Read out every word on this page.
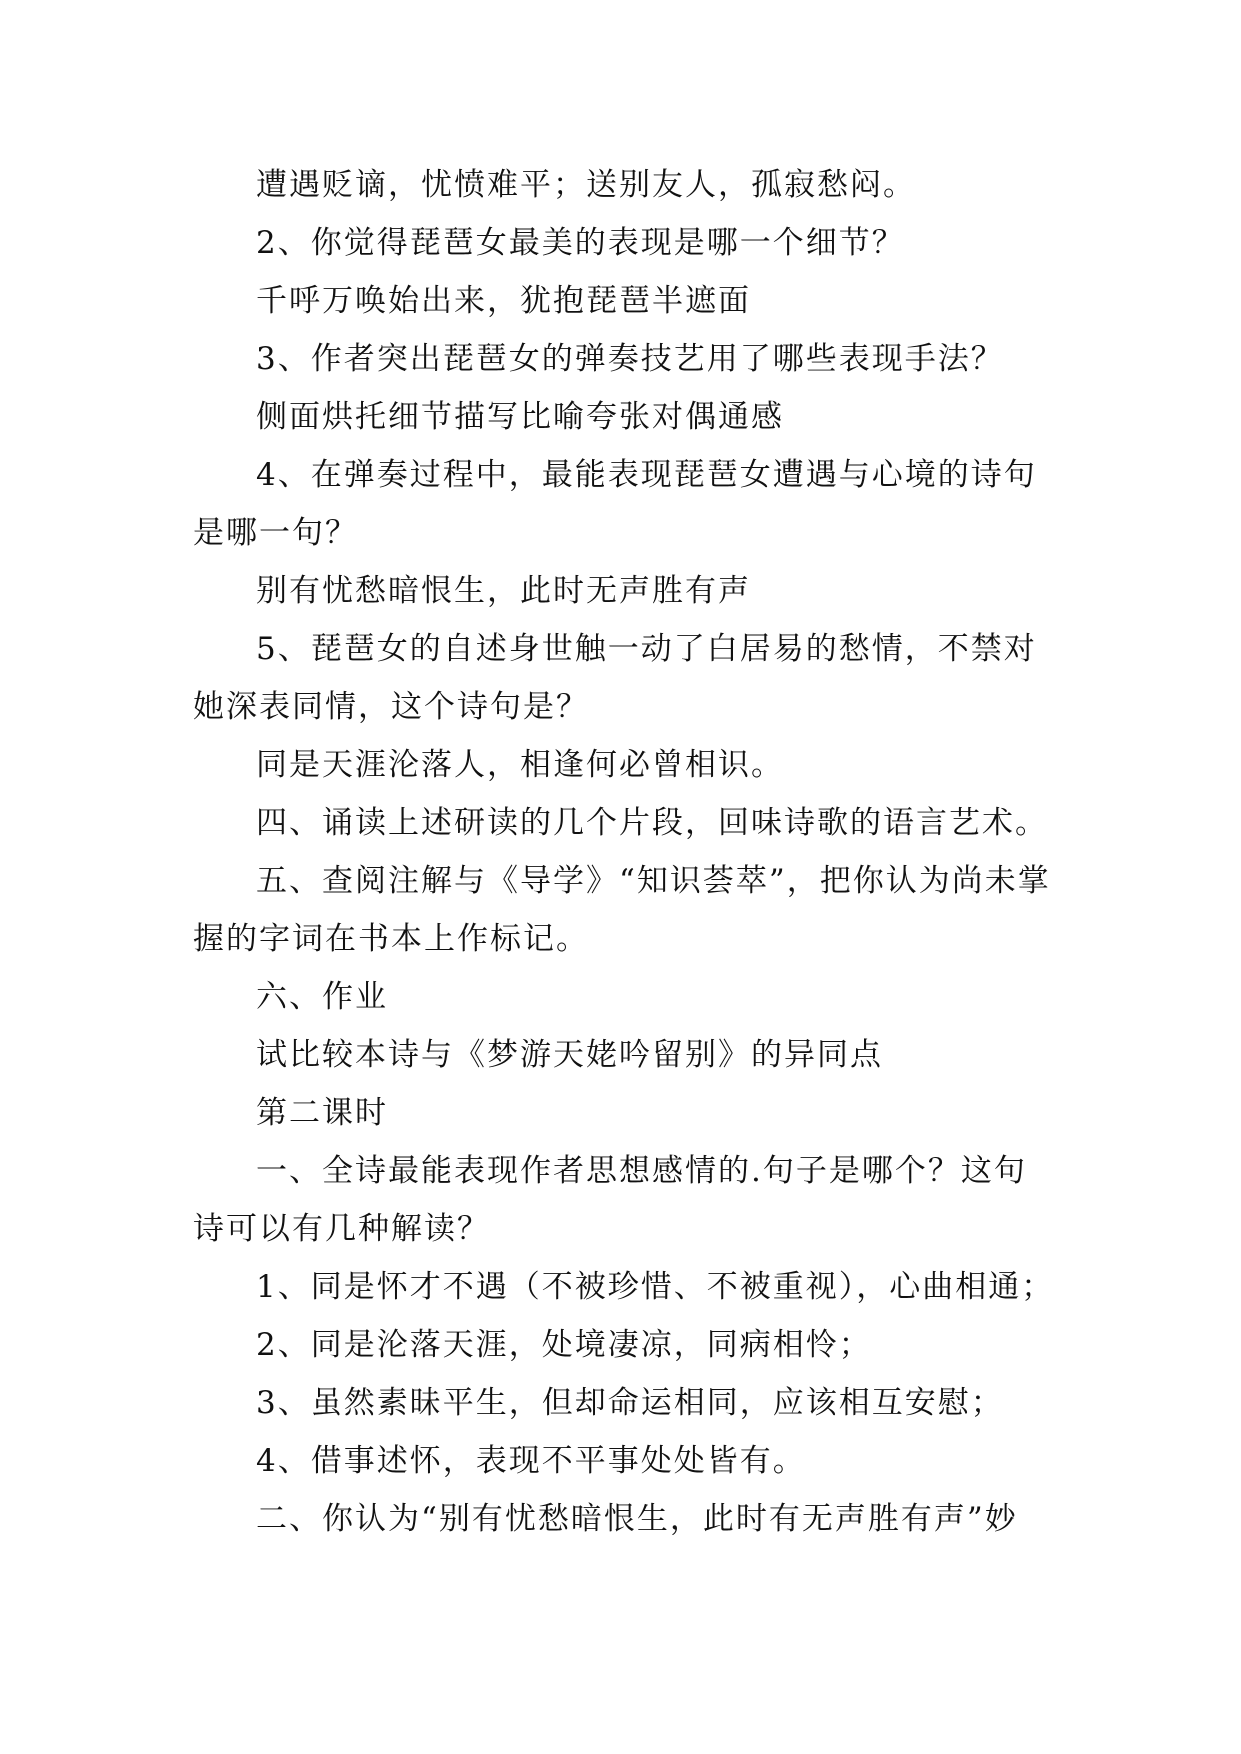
遭遇贬谪，忧愤难平；送别友人，孤寂愁闷。
2、你觉得琵琶女最美的表现是哪一个细节？
千呼万唤始出来，犹抱琵琶半遮面
3、作者突出琵琶女的弹奏技艺用了哪些表现手法？
侧面烘托细节描写比喻夸张对偶通感
4、在弹奏过程中，最能表现琵琶女遭遇与心境的诗句
是哪一句？
别有忧愁暗恨生，此时无声胜有声
5、琵琶女的自述身世触一动了白居易的愁情，不禁对
她深表同情，这个诗句是？
同是天涯沦落人，相逢何必曾相识。
四、诵读上述研读的几个片段，回味诗歌的语言艺术。
五、查阅注解与《导学》“知识荟萃”，把你认为尚未掌
握的字词在书本上作标记。
六、作业
试比较本诗与《梦游天姥吟留别》的异同点
第二课时
一、全诗最能表现作者思想感情的.句子是哪个？这句
诗可以有几种解读？
1、同是怀才不遇（不被珍惜、不被重视），心曲相通；
2、同是沦落天涯，处境凄凉，同病相怜；
3、虽然素昧平生，但却命运相同，应该相互安慰；
4、借事述怀，表现不平事处处皆有。
二、你认为“别有忧愁暗恨生，此时有无声胜有声”妙
